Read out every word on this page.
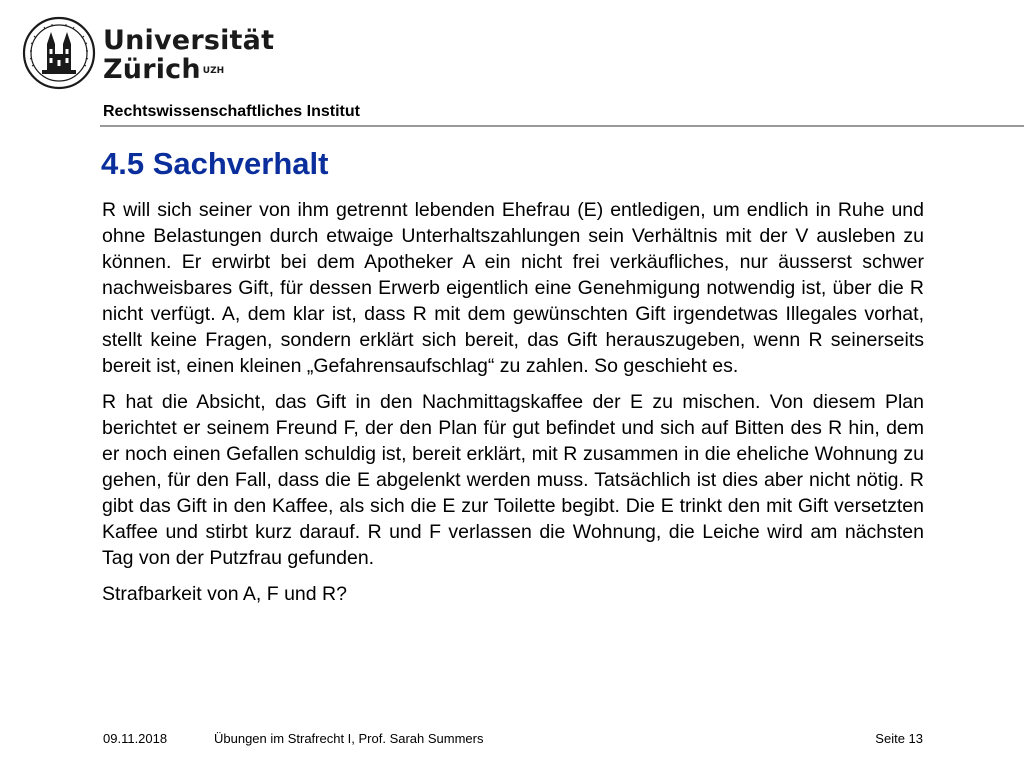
Universität
Zürich $^{UZH}$
Rechtswissenschaftliches Institut
4.5 Sachverhalt

R will sich seiner von ihm getrennt lebenden Ehefrau (E) entledigen, um endlich in Ruhe und ohne Belastungen durch etwaige Unterhaltszahlungen sein Verhältnis mit der V ausleben zu können. Er erwirbt bei dem Apotheker A ein nicht frei verkäufliches, nur äusserst schwer nachweisbares Gift, für dessen Erwerb eigentlich eine Genehmigung notwendig ist, über die R nicht verfügt. A, dem klar ist, dass R mit dem gewünschten Gift irgendetwas Illegales vorhat, stellt keine Fragen, sondern erklärt sich bereit, das Gift herauszugeben, wenn R seinerseits bereit ist, einen kleinen „Gefahrensaufschlag“ zu zahlen. So geschieht es.

R hat die Absicht, das Gift in den Nachmittagskaffee der E zu mischen. Von diesem Plan berichtet er seinem Freund F, der den Plan für gut befindet und sich auf Bitten des R hin, dem er noch einen Gefallen schuldig ist, bereit erklärt, mit R zusammen in die eheliche Wohnung zu gehen, für den Fall, dass die E abgelenkt werden muss. Tatsächlich ist dies aber nicht nötig. R gibt das Gift in den Kaffee, als sich die E zur Toilette begibt. Die E trinkt den mit Gift versetzten Kaffee und stirbt kurz darauf. R und F verlassen die Wohnung, die Leiche wird am nächsten Tag von der Putzfrau gefunden.

Strafbarkeit von A, F und R?

09.11.2018	Übungen im Strafrecht I, Prof. Sarah Summers	Seite 13
